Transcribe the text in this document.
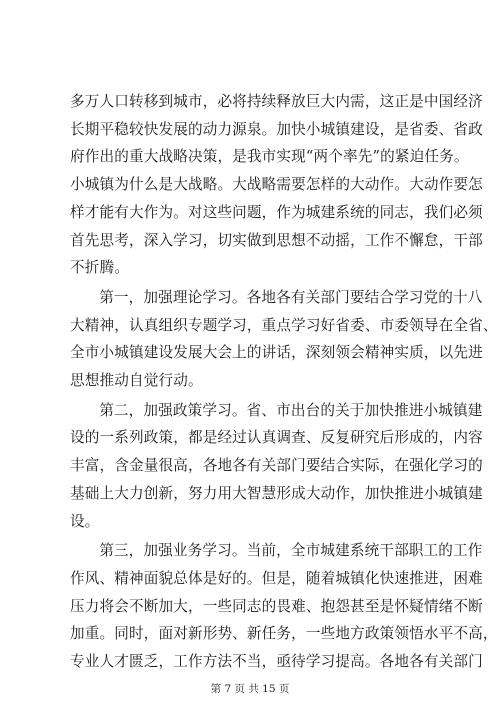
多万人口转移到城市，必将持续释放巨大内需，这正是中国经济
长期平稳较快发展的动力源泉。加快小城镇建设，是省委、省政
府作出的重大战略决策，是我市实现“两个率先”的紧迫任务。
小城镇为什么是大战略。大战略需要怎样的大动作。大动作要怎
样才能有大作为。对这些问题，作为城建系统的同志，我们必须
首先思考，深入学习，切实做到思想不动摇，工作不懈怠，干部
不折腾。
第一，加强理论学习。各地各有关部门要结合学习党的十八
大精神，认真组织专题学习，重点学习好省委、市委领导在全省、
全市小城镇建设发展大会上的讲话，深刻领会精神实质，以先进
思想推动自觉行动。
第二，加强政策学习。省、市出台的关于加快推进小城镇建
设的一系列政策，都是经过认真调查、反复研究后形成的，内容
丰富，含金量很高，各地各有关部门要结合实际，在强化学习的
基础上大力创新，努力用大智慧形成大动作，加快推进小城镇建
设。
第三，加强业务学习。当前，全市城建系统干部职工的工作
作风、精神面貌总体是好的。但是，随着城镇化快速推进，困难
压力将会不断加大，一些同志的畏难、抱怨甚至是怀疑情绪不断
加重。同时，面对新形势、新任务，一些地方政策领悟水平不高，
专业人才匮乏，工作方法不当，亟待学习提高。各地各有关部门
第 7 页 共 15 页
